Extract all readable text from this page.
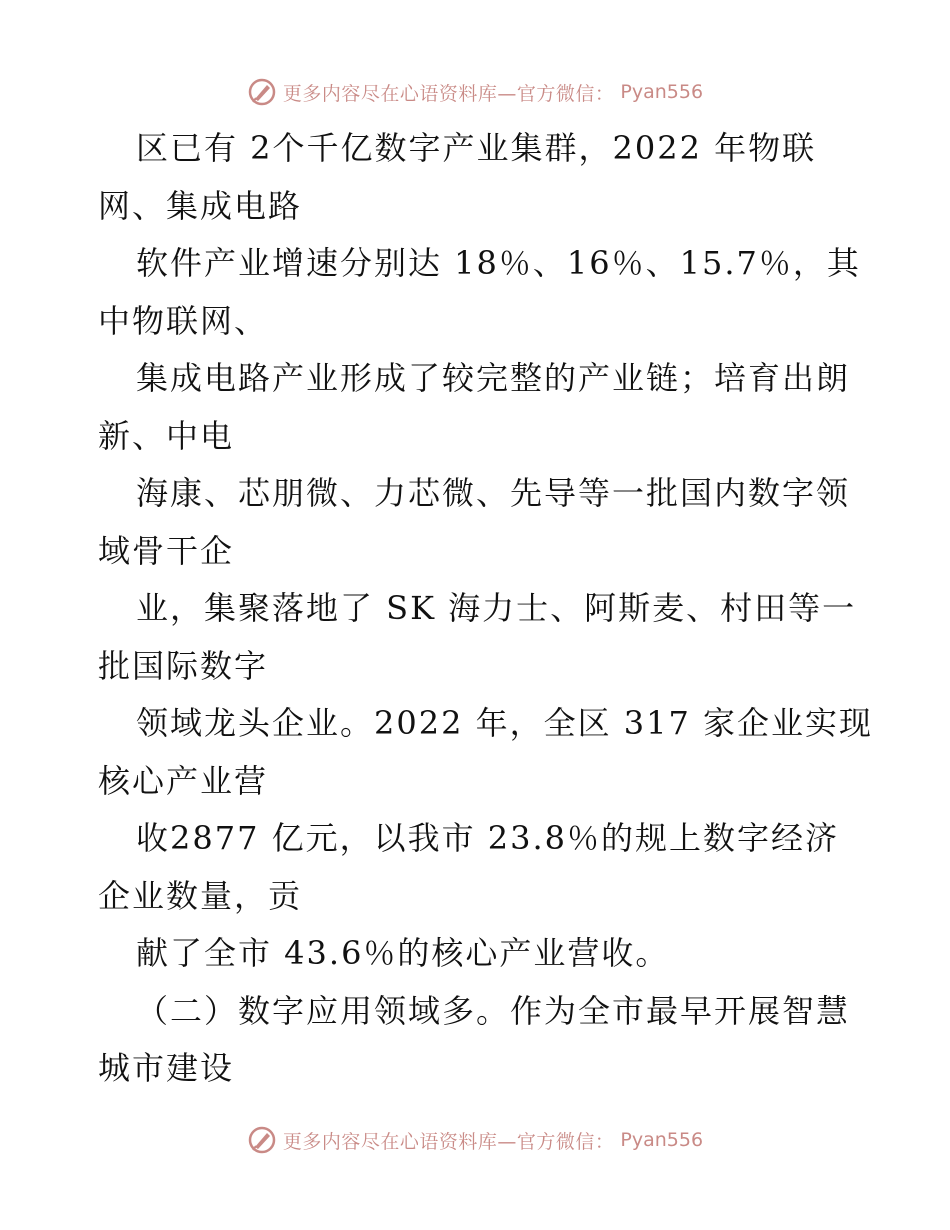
更多内容尽在心语资料库—官方微信： Pyan556
区已有 2个千亿数字产业集群，2022 年物联
网、集成电路
软件产业增速分别达 18％、16％、15.7％，其
中物联网、
集成电路产业形成了较完整的产业链；培育出朗
新、中电
海康、芯朋微、力芯微、先导等一批国内数字领
域骨干企
业，集聚落地了 SK 海力士、阿斯麦、村田等一
批国际数字
领域龙头企业。2022 年，全区 317 家企业实现
核心产业营
收2877 亿元，以我市 23.8％的规上数字经济
企业数量，贡
献了全市 43.6％的核心产业营收。
（二）数字应用领域多。作为全市最早开展智慧
城市建设
更多内容尽在心语资料库—官方微信： Pyan556
